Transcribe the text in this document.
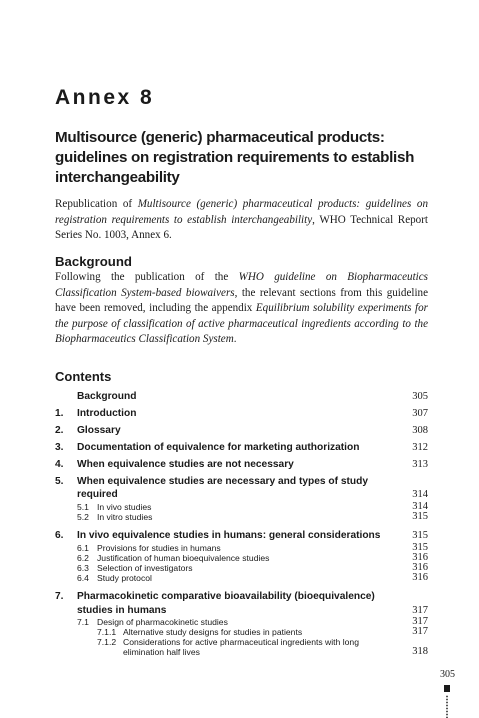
Annex 8
Multisource (generic) pharmaceutical products: guidelines on registration requirements to establish interchangeability
Republication of Multisource (generic) pharmaceutical products: guidelines on registration requirements to establish interchangeability, WHO Technical Report Series No. 1003, Annex 6.
Background
Following the publication of the WHO guideline on Biopharmaceutics Classification System-based biowaivers, the relevant sections from this guideline have been removed, including the appendix Equilibrium solubility experiments for the purpose of classification of active pharmaceutical ingredients according to the Biopharmaceutics Classification System.
Contents
Background	305
1.	Introduction	307
2.	Glossary	308
3.	Documentation of equivalence for marketing authorization	312
4.	When equivalence studies are not necessary	313
5.	When equivalence studies are necessary and types of study required	314
5.1 In vivo studies	314
5.2 In vitro studies	315
6.	In vivo equivalence studies in humans: general considerations	315
6.1 Provisions for studies in humans	315
6.2 Justification of human bioequivalence studies	316
6.3 Selection of investigators	316
6.4 Study protocol	316
7.	Pharmacokinetic comparative bioavailability (bioequivalence) studies in humans	317
7.1 Design of pharmacokinetic studies	317
7.1.1 Alternative study designs for studies in patients	317
7.1.2 Considerations for active pharmaceutical ingredients with long elimination half lives	318
305
